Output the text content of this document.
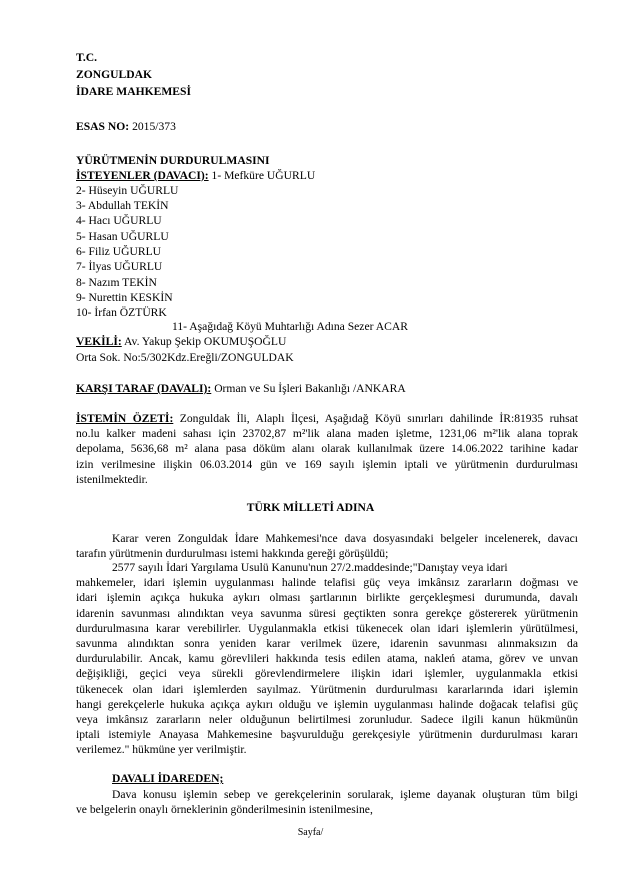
T.C.
ZONGULDAK
İDARE MAHKEMESİ
ESAS NO: 2015/373
YÜRÜTMENİN DURDURULMASINI
İSTEYENLER (DAVACI): 1- Mefküre UĞURLU
2- Hüseyin UĞURLU
3- Abdullah TEKİN
4- Hacı UĞURLU
5- Hasan UĞURLU
6- Filiz UĞURLU
7- İlyas UĞURLU
8- Nazım TEKİN
9- Nurettin KESKİN
10- İrfan ÖZTÜRK
11- Aşağıdağ Köyü Muhtarlığı Adına Sezer ACAR
VEKİLİ: Av. Yakup Şekip OKUMUŞOĞLU
Orta Sok. No:5/302Kdz.Ereğli/ZONGULDAK
KARŞI TARAF (DAVALI): Orman ve Su İşleri Bakanlığı /ANKARA
İSTEMİN ÖZETİ: Zonguldak İli, Alaplı İlçesi, Aşağıdağ Köyü sınırları dahilinde İR:81935 ruhsat
no.lu kalker madeni sahası için 23702,87 m²'lik alana maden işletme, 1231,06 m²'lik alana toprak
depolama, 5636,68 m² alana pasa döküm alanı olarak kullanılmak üzere 14.06.2022 tarihine kadar
izin verilmesine ilişkin 06.03.2014 gün ve 169 sayılı işlemin iptali ve yürütmenin durdurulması
istenilmektedir.
TÜRK MİLLETİ ADINA
Karar veren Zonguldak İdare Mahkemesi'nce dava dosyasındaki belgeler incelenerek, davacı
tarafın yürütmenin durdurulması istemi hakkında gereği görüşüldü;
2577 sayılı İdari Yargılama Usulü Kanunu'nun 27/2.maddesinde;"Danıştay veya idari
mahkemeler, idari işlemin uygulanması halinde telafisi güç veya imkânsız zararların doğması ve
idari işlemin açıkça hukuka aykırı olması şartlarının birlikte gerçekleşmesi durumunda, davalı
idarenin savunması alındıktan veya savunma süresi geçtikten sonra gerekçe göstererek yürütmenin
durdurulmasına karar verebilirler. Uygulanmakla etkisi tükenecek olan idari işlemlerin yürütülmesi,
savunma alındıktan sonra yeniden karar verilmek üzere, idarenin savunması alınmaksızın da
durdurulabilir. Ancak, kamu görevlileri hakkında tesis edilen atama, nakleń atama, görev ve unvan
değişikliği, geçici veya sürekli görevlendirmelere ilişkin idari işlemler, uygulanmakla etkisi
tükenecek olan idari işlemlerden sayılmaz. Yürütmenin durdurulması kararlarında idari işlemin
hangi gerekçelerle hukuka açıkça aykırı olduğu ve işlemin uygulanması halinde doğacak telafisi güç
veya imkânsız zararların neler olduğunun belirtilmesi zorunludur. Sadece ilgili kanun hükmünün
iptali istemiyle Anayasa Mahkemesine başvurulduğu gerekçesiyle yürütmenin durdurulması kararı
verilemez." hükmüne yer verilmiştir.
DAVALI İDAREDEN;
Dava konusu işlemin sebep ve gerekçelerinin sorularak, işleme dayanak oluşturan tüm bilgi
ve belgelerin onaylı örneklerinin gönderilmesinin istenilmesine,
Sayfa/
